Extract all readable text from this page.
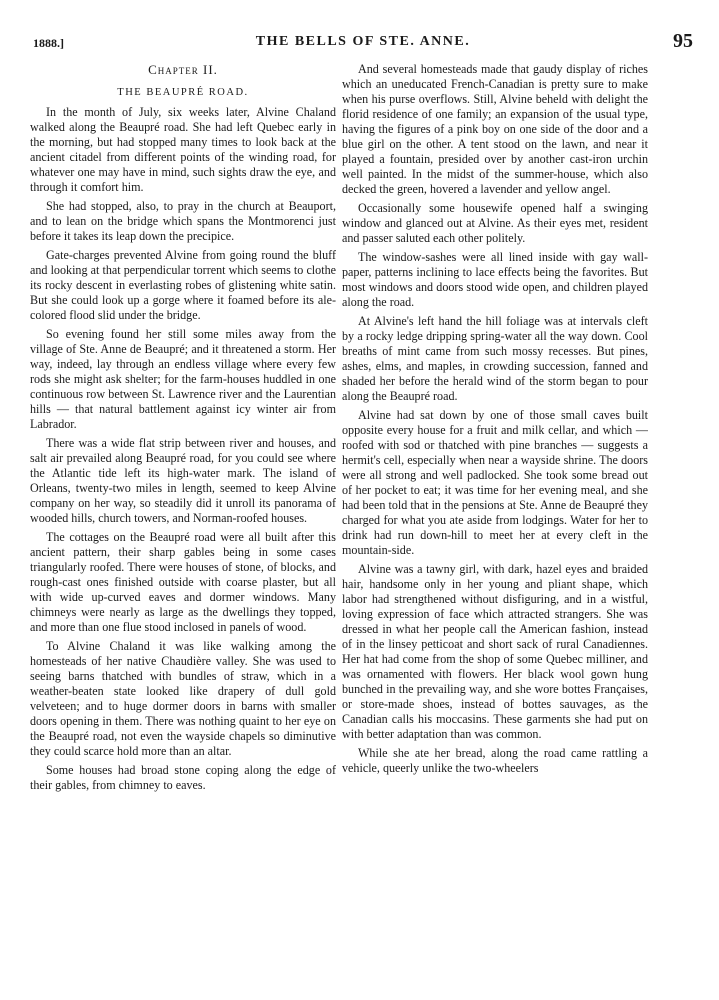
1888.]	THE BELLS OF STE. ANNE.	95
Chapter II.
THE BEAUPRÉ ROAD.

In the month of July, six weeks later, Alvine Chaland walked along the Beaupré road. She had left Quebec early in the morning, but had stopped many times to look back at the ancient citadel from different points of the winding road, for whatever one may have in mind, such sights draw the eye, and through it comfort him.

She had stopped, also, to pray in the church at Beauport, and to lean on the bridge which spans the Montmorenci just before it takes its leap down the precipice.

Gate-charges prevented Alvine from going round the bluff and looking at that perpendicular torrent which seems to clothe its rocky descent in everlasting robes of glistening white satin. But she could look up a gorge where it foamed before its ale-colored flood slid under the bridge.

So evening found her still some miles away from the village of Ste. Anne de Beaupré; and it threatened a storm. Her way, indeed, lay through an endless village where every few rods she might ask shelter; for the farm-houses huddled in one continuous row between St. Lawrence river and the Laurentian hills — that natural battlement against icy winter air from Labrador.

There was a wide flat strip between river and houses, and salt air prevailed along Beaupré road, for you could see where the Atlantic tide left its high-water mark. The island of Orleans, twenty-two miles in length, seemed to keep Alvine company on her way, so steadily did it unroll its panorama of wooded hills, church towers, and Norman-roofed houses.

The cottages on the Beaupré road were all built after this ancient pattern, their sharp gables being in some cases triangularly roofed. There were houses of stone, of blocks, and rough-cast ones finished outside with coarse plaster, but all with wide up-curved eaves and dormer windows. Many chimneys were nearly as large as the dwellings they topped, and more than one flue stood inclosed in panels of wood.

To Alvine Chaland it was like walking among the homesteads of her native Chaudière valley. She was used to seeing barns thatched with bundles of straw, which in a weather-beaten state looked like drapery of dull gold velveteen; and to huge dormer doors in barns with smaller doors opening in them. There was nothing quaint to her eye on the Beaupré road, not even the wayside chapels so diminutive they could scarce hold more than an altar.

Some houses had broad stone coping along the edge of their gables, from chimney to eaves.

And several homesteads made that gaudy display of riches which an uneducated French-Canadian is pretty sure to make when his purse overflows. Still, Alvine beheld with delight the florid residence of one family; an expansion of the usual type, having the figures of a pink boy on one side of the door and a blue girl on the other. A tent stood on the lawn, and near it played a fountain, presided over by another cast-iron urchin well painted. In the midst of the summer-house, which also decked the green, hovered a lavender and yellow angel.

Occasionally some housewife opened half a swinging window and glanced out at Alvine. As their eyes met, resident and passer saluted each other politely.

The window-sashes were all lined inside with gay wall-paper, patterns inclining to lace effects being the favorites. But most windows and doors stood wide open, and children played along the road.

At Alvine's left hand the hill foliage was at intervals cleft by a rocky ledge dripping spring-water all the way down. Cool breaths of mint came from such mossy recesses. But pines, ashes, elms, and maples, in crowding succession, fanned and shaded her before the herald wind of the storm began to pour along the Beaupré road.

Alvine had sat down by one of those small caves built opposite every house for a fruit and milk cellar, and which — roofed with sod or thatched with pine branches — suggests a hermit's cell, especially when near a wayside shrine. The doors were all strong and well padlocked. She took some bread out of her pocket to eat; it was time for her evening meal, and she had been told that in the pensions at Ste. Anne de Beaupré they charged for what you ate aside from lodgings. Water for her to drink had run down-hill to meet her at every cleft in the mountain-side.

Alvine was a tawny girl, with dark, hazel eyes and braided hair, handsome only in her young and pliant shape, which labor had strengthened without disfiguring, and in a wistful, loving expression of face which attracted strangers. She was dressed in what her people call the American fashion, instead of in the linsey petticoat and short sack of rural Canadiennes. Her hat had come from the shop of some Quebec milliner, and was ornamented with flowers. Her black wool gown hung bunched in the prevailing way, and she wore bottes Françaises, or store-made shoes, instead of bottes sauvages, as the Canadian calls his moccasins. These garments she had put on with better adaptation than was common.

While she ate her bread, along the road came rattling a vehicle, queerly unlike the two-wheelers
